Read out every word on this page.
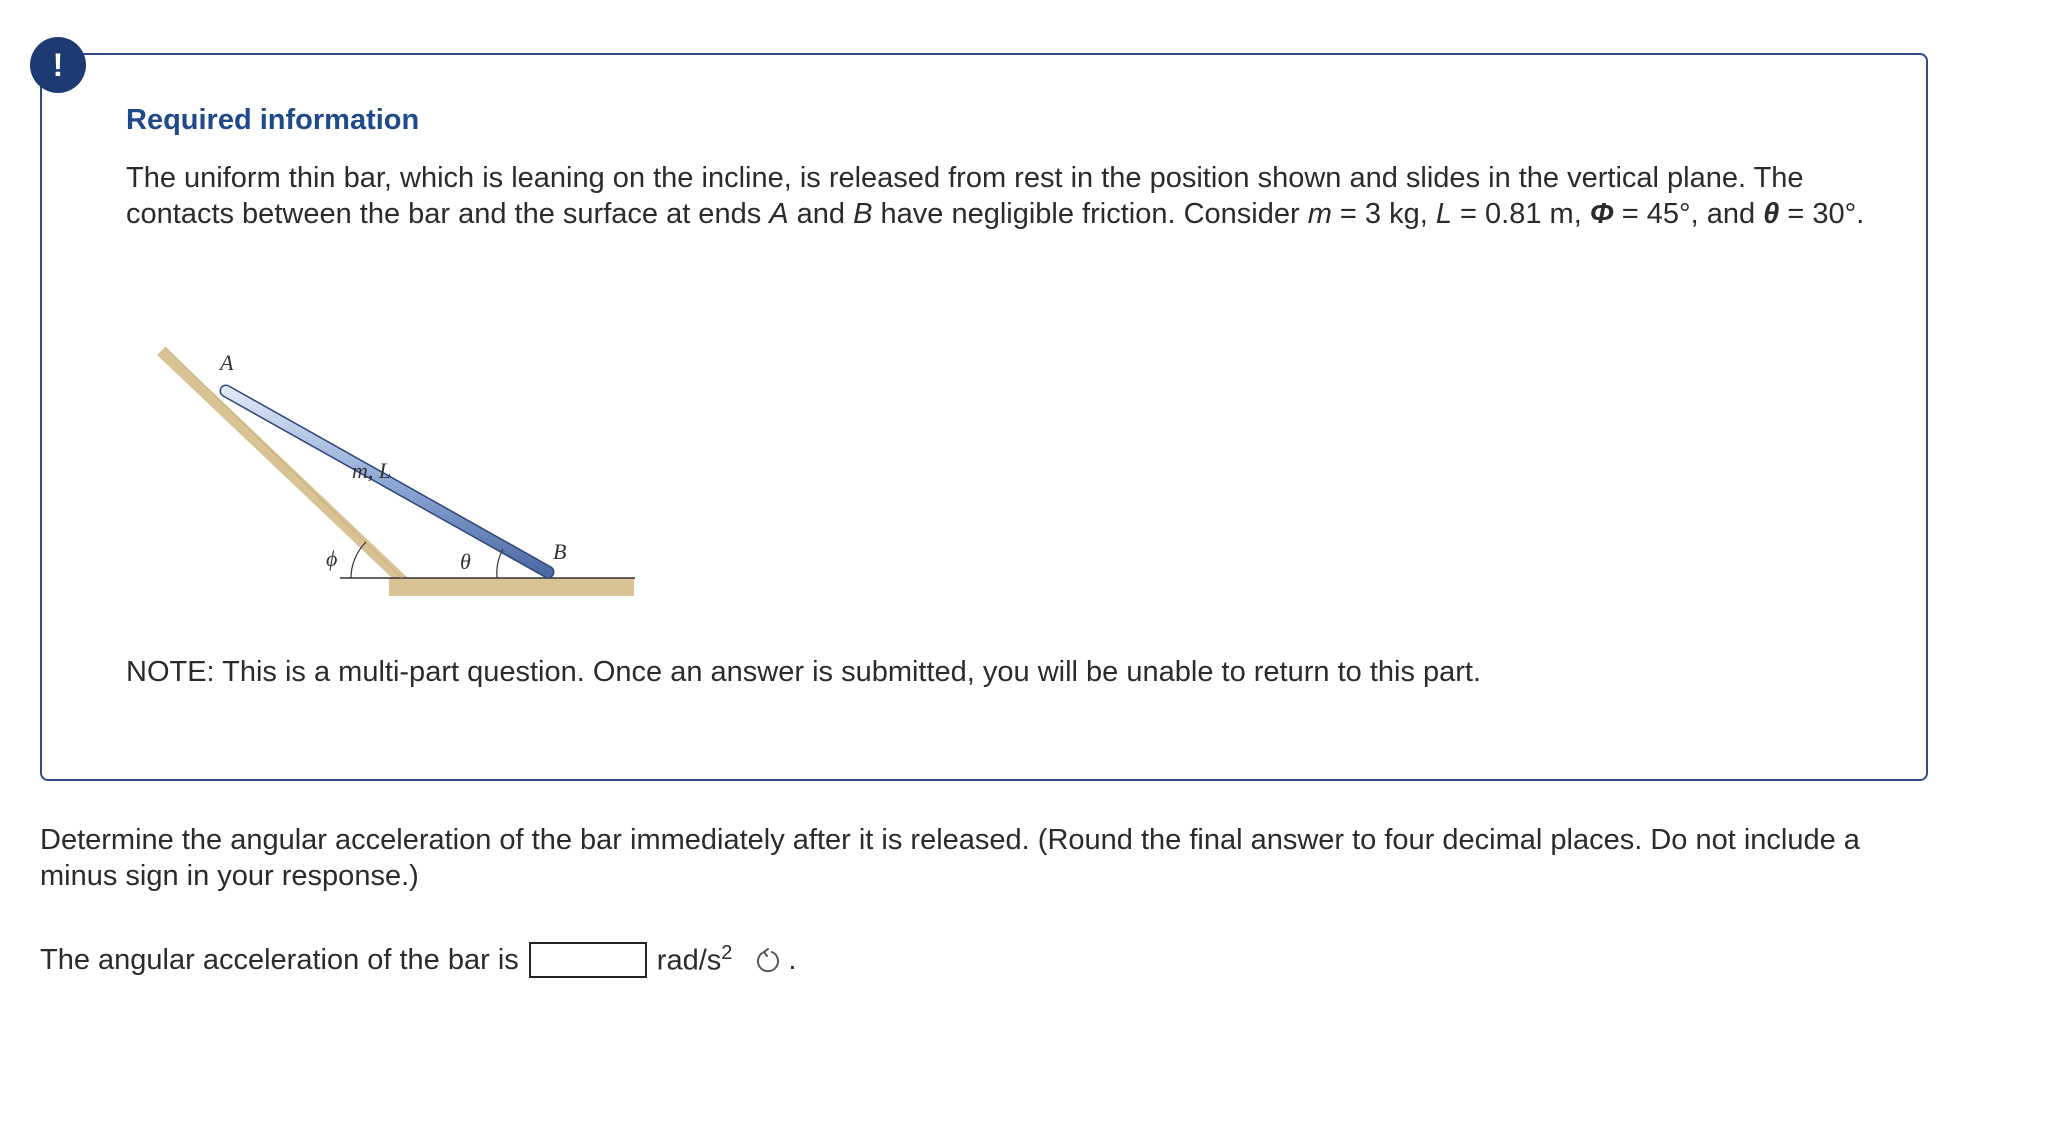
!
Required information
The uniform thin bar, which is leaning on the incline, is released from rest in the position shown and slides in the vertical plane. The contacts between the bar and the surface at ends A and B have negligible friction. Consider m = 3 kg, L = 0.81 m, Φ = 45°, and θ = 30°.
A
m, L
B
ϕ	θ
NOTE: This is a multi-part question. Once an answer is submitted, you will be unable to return to this part.
Determine the angular acceleration of the bar immediately after it is released. (Round the final answer to four decimal places. Do not include a minus sign in your response.)
The angular acceleration of the bar is	rad/$s^2$ .
